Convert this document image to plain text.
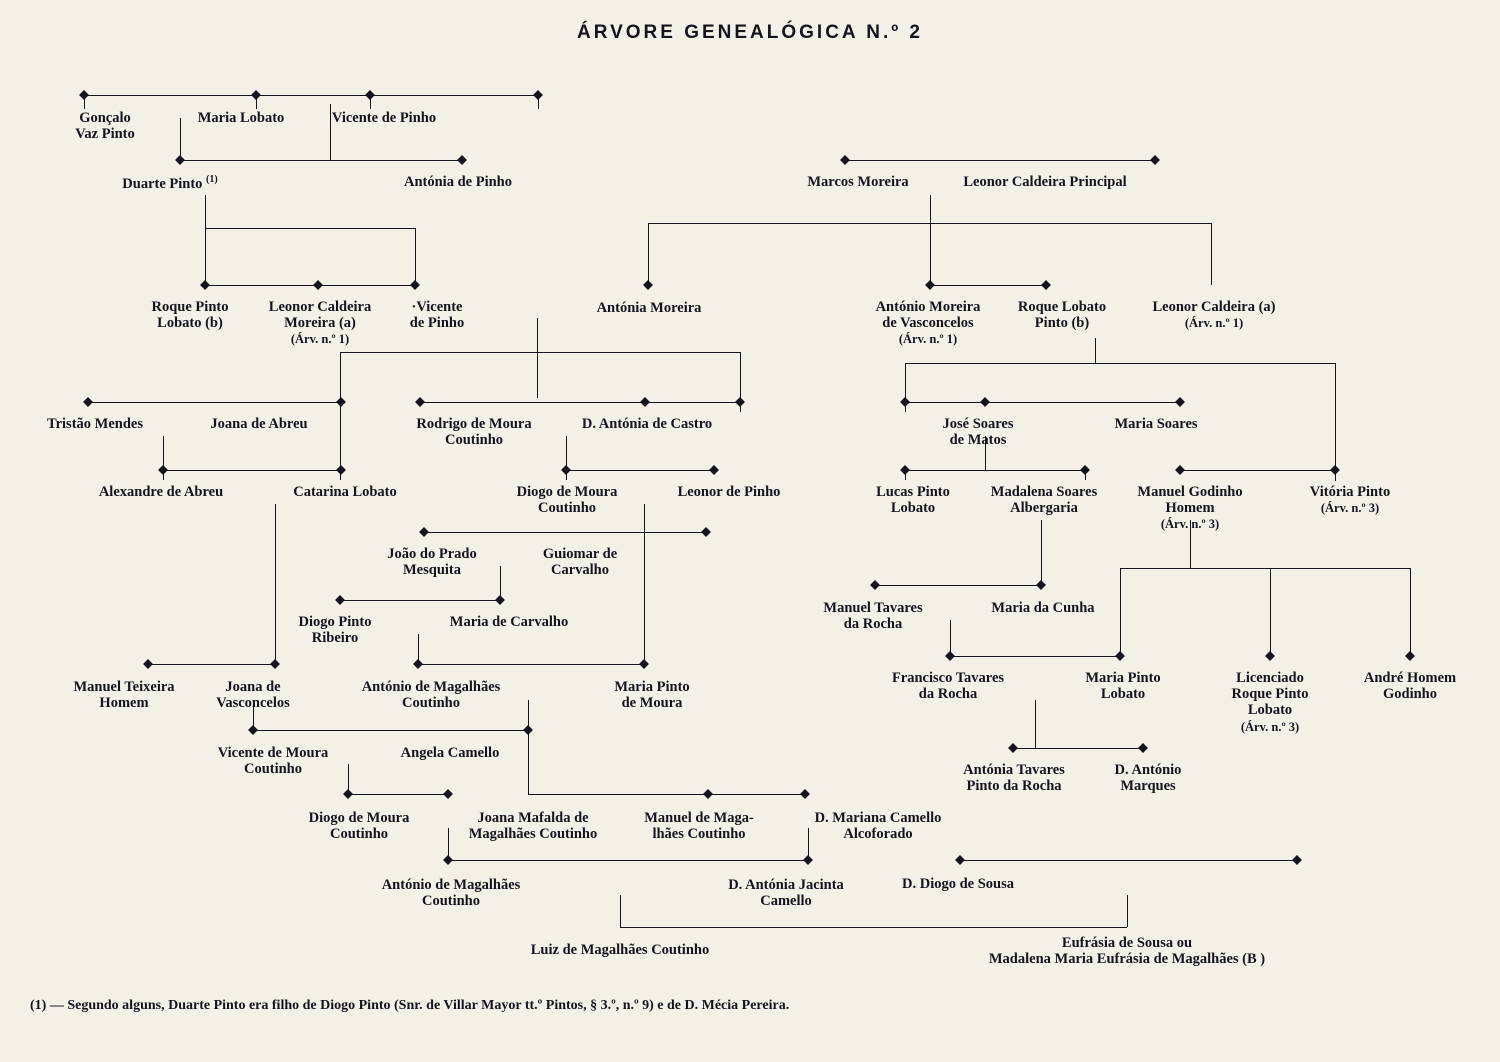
ÁRVORE GENEALÓGICA N.º 2
Gonçalo
Vaz Pinto
Maria Lobato	Vicente de Pinho
Duarte Pinto $^{(1)}$	Antónia de Pinho	Marcos Moreira	Leonor Caldeira Principal
Roque Pinto
Lobato (b)
Leonor Caldeira
Moreira (a)
(Árv. n.º 1)
·Vicente
de Pinho
Antónia Moreira	António Moreira
de Vasconcelos
(Árv. n.º 1)
Roque Lobato
Pinto (b)
Leonor Caldeira (a)
(Árv. n.º 1)
Tristão Mendes	Joana de Abreu	Rodrigo de Moura
Coutinho
D. Antónia de Castro	José Soares
de Matos
Maria Soares
Alexandre de Abreu	Catarina Lobato	Diogo de Moura
Coutinho
Leonor de Pinho	Lucas Pinto
Lobato
Madalena Soares
Albergaria
Manuel Godinho
Homem
(Árv. n.º 3)
Vitória Pinto
(Árv. n.º 3)
João do Prado
Mesquita
Guiomar de
Carvalho
Manuel Tavares
da Rocha
Maria da Cunha
Diogo Pinto
Ribeiro
Maria de Carvalho
Manuel Teixeira
Homem
Joana de
Vasconcelos
António de Magalhães
Coutinho
Maria Pinto
de Moura
Francisco Tavares
da Rocha
Maria Pinto
Lobato
Licenciado
Roque Pinto
Lobato
(Árv. n.º 3)
André Homem
Godinho
Vicente de Moura
Coutinho
Angela Camello
Antónia Tavares
Pinto da Rocha
D. António
Marques
Diogo de Moura
Coutinho
Joana Mafalda de
Magalhães Coutinho
Manuel de Maga-
lhães Coutinho
D. Mariana Camello
Alcoforado
António de Magalhães
Coutinho
D. Antónia Jacinta
Camello
D. Diogo de Sousa
Luiz de Magalhães Coutinho	Eufrásia de Sousa ou
Madalena Maria Eufrásia de Magalhães (B )
(1) — Segundo alguns, Duarte Pinto era filho de Diogo Pinto (Snr. de Villar Mayor tt.º Pintos, § 3.º, n.º 9) e de D. Mécia Pereira.
